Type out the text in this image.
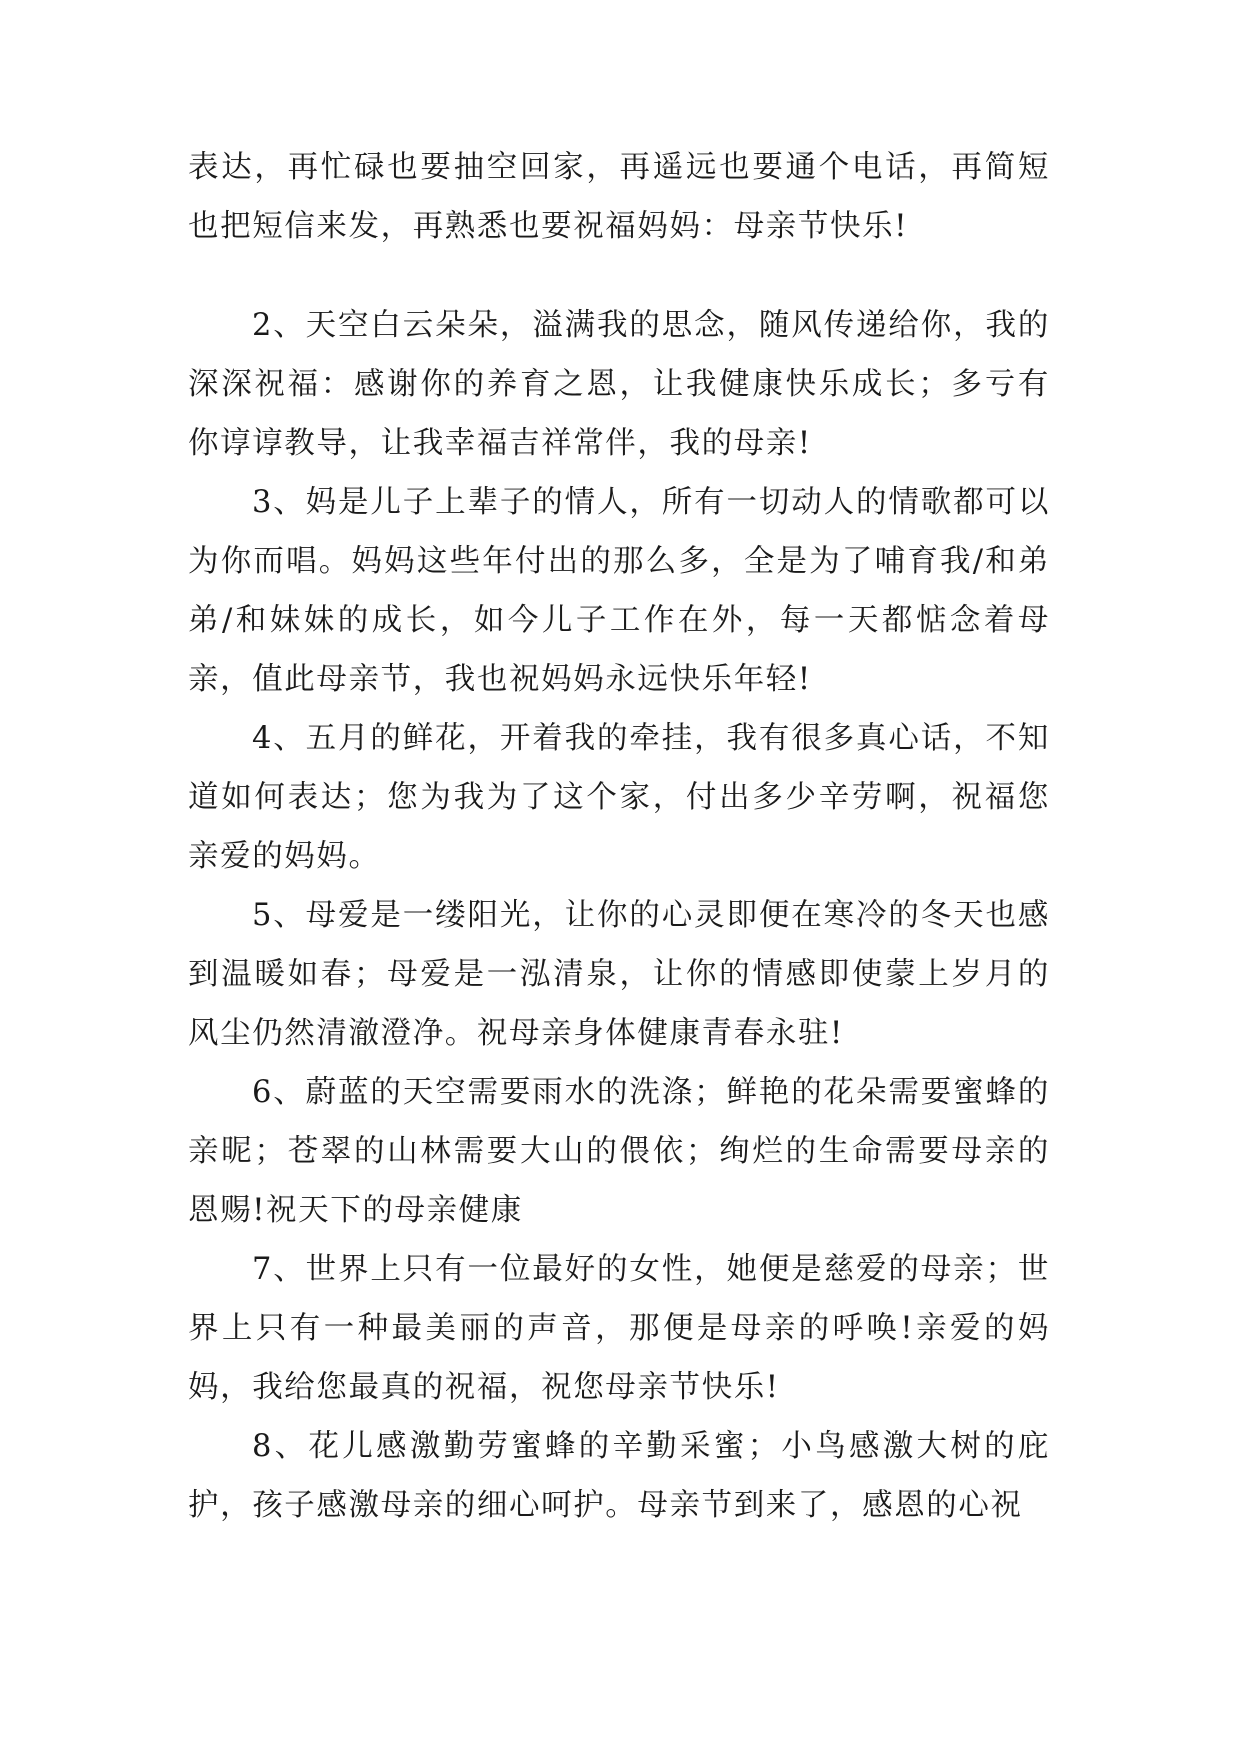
表达，再忙碌也要抽空回家，再遥远也要通个电话，再简短也把短信来发，再熟悉也要祝福妈妈：母亲节快乐!

2、天空白云朵朵，溢满我的思念，随风传递给你，我的深深祝福：感谢你的养育之恩，让我健康快乐成长；多亏有你谆谆教导，让我幸福吉祥常伴，我的母亲!

3、妈是儿子上辈子的情人，所有一切动人的情歌都可以为你而唱。妈妈这些年付出的那么多，全是为了哺育我/和弟弟/和妹妹的成长，如今儿子工作在外，每一天都惦念着母亲，值此母亲节，我也祝妈妈永远快乐年轻!

4、五月的鲜花，开着我的牵挂，我有很多真心话，不知道如何表达；您为我为了这个家，付出多少辛劳啊，祝福您亲爱的妈妈。

5、母爱是一缕阳光，让你的心灵即便在寒冷的冬天也感到温暖如春；母爱是一泓清泉，让你的情感即使蒙上岁月的风尘仍然清澈澄净。祝母亲身体健康青春永驻!

6、蔚蓝的天空需要雨水的洗涤；鲜艳的花朵需要蜜蜂的亲昵；苍翠的山林需要大山的偎依；绚烂的生命需要母亲的恩赐!祝天下的母亲健康

7、世界上只有一位最好的女性，她便是慈爱的母亲；世界上只有一种最美丽的声音，那便是母亲的呼唤!亲爱的妈妈，我给您最真的祝福，祝您母亲节快乐!

8、花儿感激勤劳蜜蜂的辛勤采蜜；小鸟感激大树的庇护，孩子感激母亲的细心呵护。母亲节到来了，感恩的心祝
